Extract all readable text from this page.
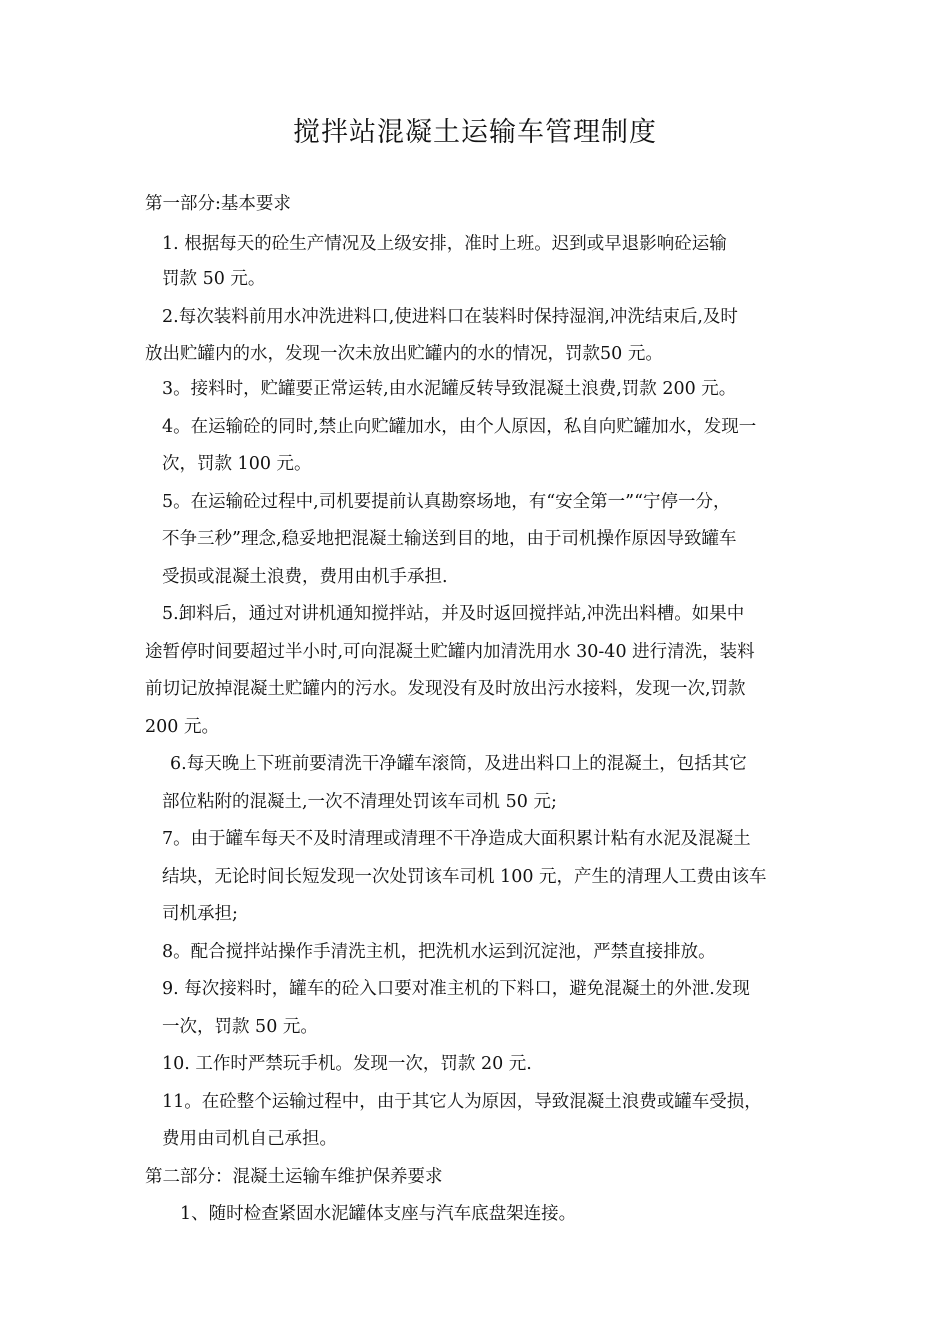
搅拌站混凝土运输车管理制度
第一部分:基本要求
1. 根据每天的砼生产情况及上级安排，准时上班。迟到或早退影响砼运输
罚款 50 元。
2.每次装料前用水冲洗进料口,使进料口在装料时保持湿润,冲洗结束后,及时
放出贮罐内的水，发现一次未放出贮罐内的水的情况，罚款50 元。
3。接料时，贮罐要正常运转,由水泥罐反转导致混凝土浪费,罚款 200 元。
4。在运输砼的同时,禁止向贮罐加水，由个人原因，私自向贮罐加水，发现一
次，罚款 100 元。
5。在运输砼过程中,司机要提前认真勘察场地，有“安全第一”“宁停一分，
不争三秒”理念,稳妥地把混凝土输送到目的地，由于司机操作原因导致罐车
受损或混凝土浪费，费用由机手承担.
5.卸料后，通过对讲机通知搅拌站，并及时返回搅拌站,冲洗出料槽。如果中
途暂停时间要超过半小时,可向混凝土贮罐内加清洗用水 30-40 进行清洗，装料
前切记放掉混凝土贮罐内的污水。发现没有及时放出污水接料，发现一次,罚款
200 元。
6.每天晚上下班前要清洗干净罐车滚筒，及进出料口上的混凝土，包括其它
部位粘附的混凝土,一次不清理处罚该车司机 50 元;
7。由于罐车每天不及时清理或清理不干净造成大面积累计粘有水泥及混凝土
结块，无论时间长短发现一次处罚该车司机 100 元，产生的清理人工费由该车
司机承担;
8。配合搅拌站操作手清洗主机，把洗机水运到沉淀池，严禁直接排放。
9. 每次接料时，罐车的砼入口要对准主机的下料口，避免混凝土的外泄.发现
一次，罚款 50 元。
10. 工作时严禁玩手机。发现一次，罚款 20 元.
11。在砼整个运输过程中，由于其它人为原因，导致混凝土浪费或罐车受损，
费用由司机自己承担。
第二部分：混凝土运输车维护保养要求
1、随时检查紧固水泥罐体支座与汽车底盘架连接。
